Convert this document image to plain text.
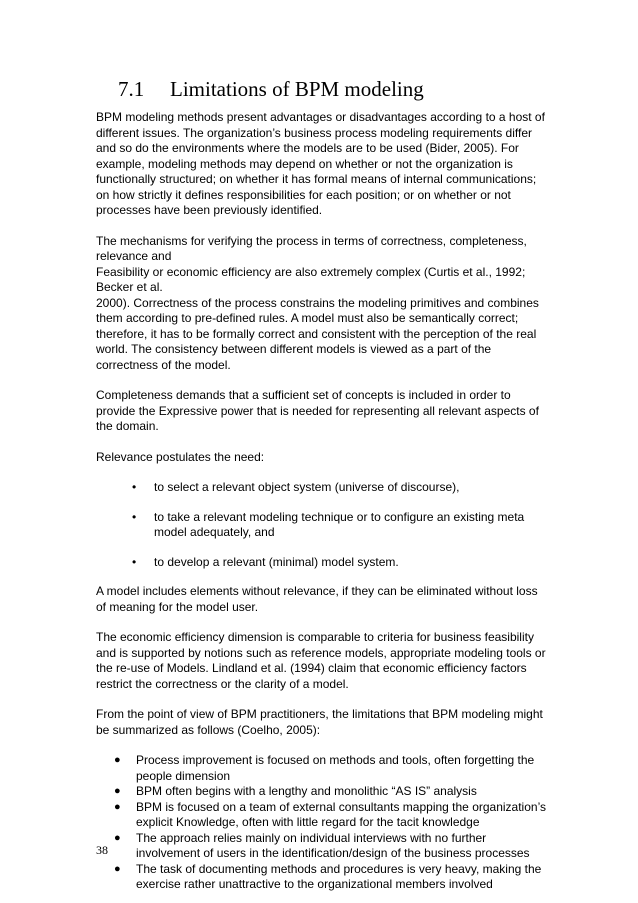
7.1 Limitations of BPM modeling

BPM modeling methods present advantages or disadvantages according to a host of different issues. The organization’s business process modeling requirements differ and so do the environments where the models are to be used (Bider, 2005). For example, modeling methods may depend on whether or not the organization is functionally structured; on whether it has formal means of internal communications; on how strictly it defines responsibilities for each position; or on whether or not processes have been previously identified.

The mechanisms for verifying the process in terms of correctness, completeness, relevance and
Feasibility or economic efficiency are also extremely complex (Curtis et al., 1992; Becker et al.
2000). Correctness of the process constrains the modeling primitives and combines them according to pre-defined rules. A model must also be semantically correct; therefore, it has to be formally correct and consistent with the perception of the real world. The consistency between different models is viewed as a part of the correctness of the model.

Completeness demands that a sufficient set of concepts is included in order to provide the Expressive power that is needed for representing all relevant aspects of the domain.

Relevance postulates the need:

• to select a relevant object system (universe of discourse),
• to take a relevant modeling technique or to configure an existing meta model adequately, and
• to develop a relevant (minimal) model system.

A model includes elements without relevance, if they can be eliminated without loss of meaning for the model user.

The economic efficiency dimension is comparable to criteria for business feasibility and is supported by notions such as reference models, appropriate modeling tools or the re-use of Models. Lindland et al. (1994) claim that economic efficiency factors restrict the correctness or the clarity of a model.

From the point of view of BPM practitioners, the limitations that BPM modeling might be summarized as follows (Coelho, 2005):

● Process improvement is focused on methods and tools, often forgetting the people dimension
● BPM often begins with a lengthy and monolithic “AS IS” analysis
● BPM is focused on a team of external consultants mapping the organization’s explicit Knowledge, often with little regard for the tacit knowledge
● The approach relies mainly on individual interviews with no further involvement of users in the identification/design of the business processes
● The task of documenting methods and procedures is very heavy, making the exercise rather unattractive to the organizational members involved
38
